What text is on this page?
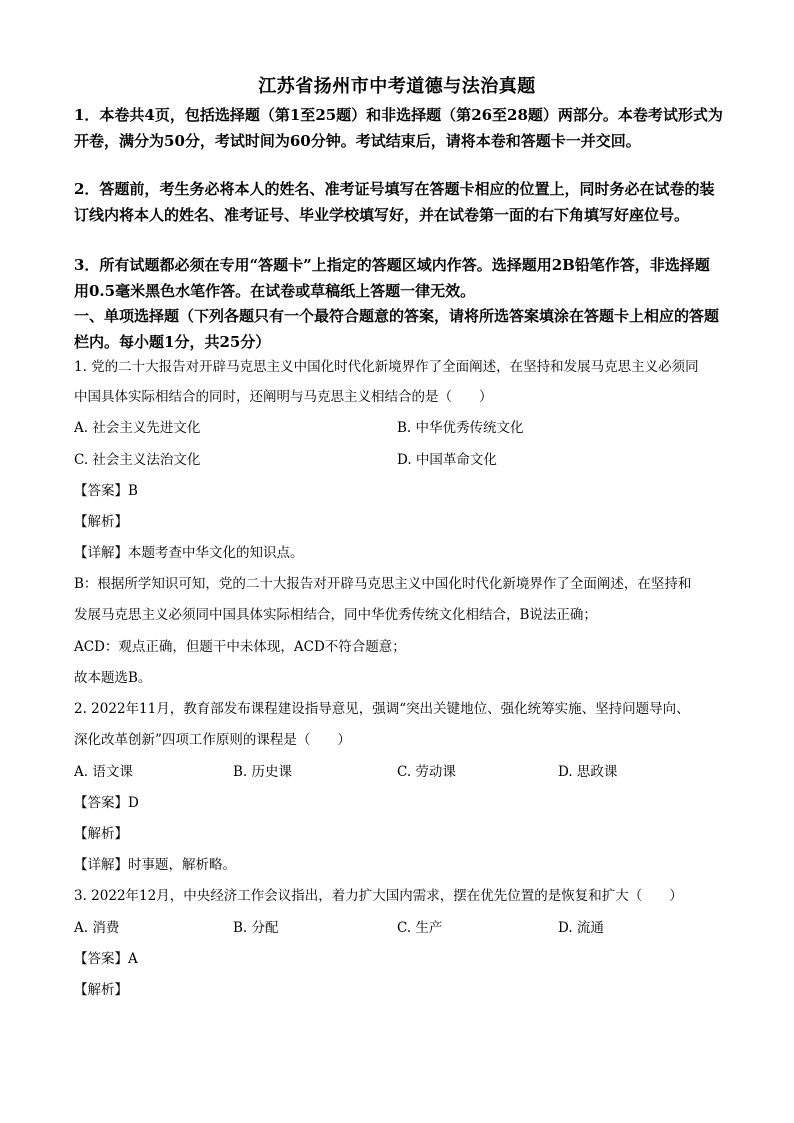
江苏省扬州市中考道德与法治真题
1．本卷共4页，包括选择题（第1至25题）和非选择题（第26至28题）两部分。本卷考试形式为开卷，满分为50分，考试时间为60分钟。考试结束后，请将本卷和答题卡一并交回。
2．答题前，考生务必将本人的姓名、准考证号填写在答题卡相应的位置上，同时务必在试卷的装订线内将本人的姓名、准考证号、毕业学校填写好，并在试卷第一面的右下角填写好座位号。
3．所有试题都必须在专用“答题卡”上指定的答题区域内作答。选择题用2B铅笔作答，非选择题用0.5毫米黑色水笔作答。在试卷或草稿纸上答题一律无效。
一、单项选择题（下列各题只有一个最符合题意的答案，请将所选答案填涂在答题卡上相应的答题栏内。每小题1分，共25分）
1. 党的二十大报告对开辟马克思主义中国化时代化新境界作了全面阐述，在坚持和发展马克思主义必须同
中国具体实际相结合的同时，还阐明与马克思主义相结合的是（　　）
A. 社会主义先进文化	B. 中华优秀传统文化
C. 社会主义法治文化	D. 中国革命文化
【答案】B
【解析】
【详解】本题考查中华文化的知识点。
B：根据所学知识可知，党的二十大报告对开辟马克思主义中国化时代化新境界作了全面阐述，在坚持和
发展马克思主义必须同中国具体实际相结合，同中华优秀传统文化相结合，B说法正确；
ACD：观点正确，但题干中未体现，ACD不符合题意；
故本题选B。
2. 2022年11月，教育部发布课程建设指导意见，强调“突出关键地位、强化统筹实施、坚持问题导向、
深化改革创新”四项工作原则的课程是（　　）
A. 语文课	B. 历史课	C. 劳动课	D. 思政课
【答案】D
【解析】
【详解】时事题，解析略。
3. 2022年12月，中央经济工作会议指出，着力扩大国内需求，摆在优先位置的是恢复和扩大（　　）
A. 消费	B. 分配	C. 生产	D. 流通
【答案】A
【解析】
